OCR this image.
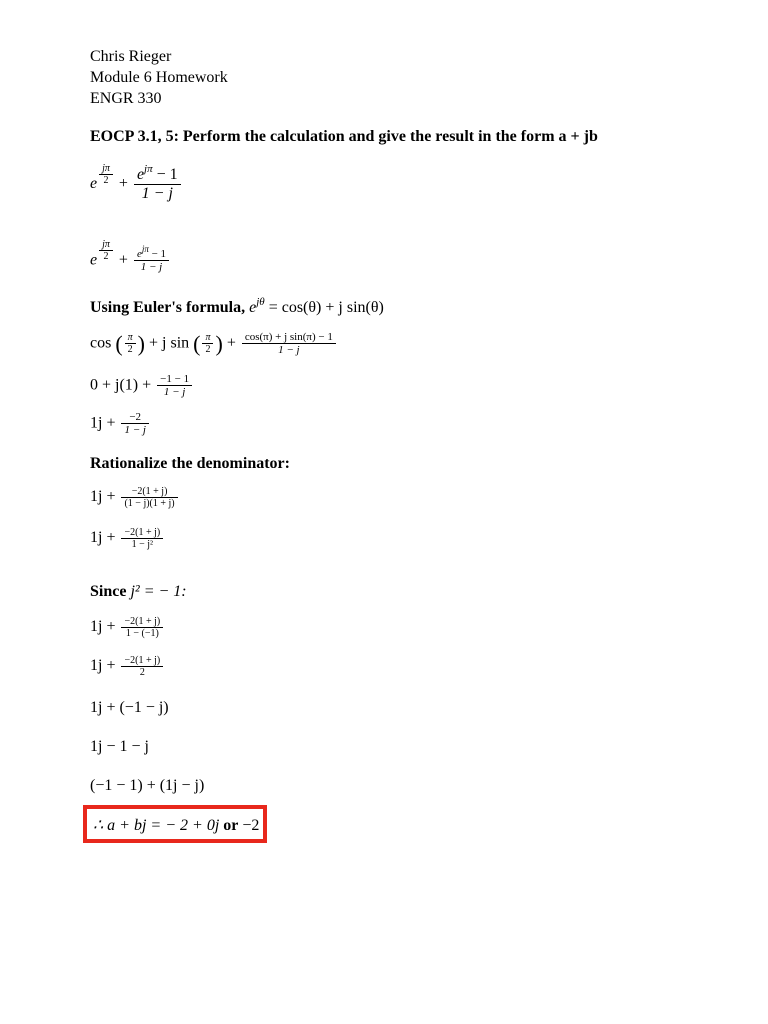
Chris Rieger
Module 6 Homework
ENGR 330
EOCP 3.1, 5: Perform the calculation and give the result in the form a + jb
e $\frac{j\pi}{2} + \frac{e^{j\pi} - 1}{1 - j}$
e $\frac{j\pi}{2} + \frac{e^{j\pi} - 1}{1 - j}$
Using Euler's formula, $e^{j\theta} = \cos(\theta) + j$ sin(θ)
cos ( $\frac{\pi}{2}$ ) + j sin ( $\frac{\pi}{2}$ ) + $\frac{\text{cos(π) + j sin(π) − 1}}{1 - j}$
$0 + j(1) + \frac{-1 - 1}{1 - j}$
$1j + \frac{-2}{1 - j}$
Rationalize the denominator:
$1j + \frac{-2(1 + j)}{(1 - j)(1 + j)}$
$1j + \frac{-2(1 + j)}{\text{1 − j²}}$
Since j² = − 1:
$1j + \frac{-2(1 + j)}{1 - (-1)}$
$1j + \frac{-2(1 + j)}{2}$
1j + (−1 − j)
1j − 1 − j
(−1 − 1) + (1j − j)
∴ a + bj = − 2 + 0j or −2
